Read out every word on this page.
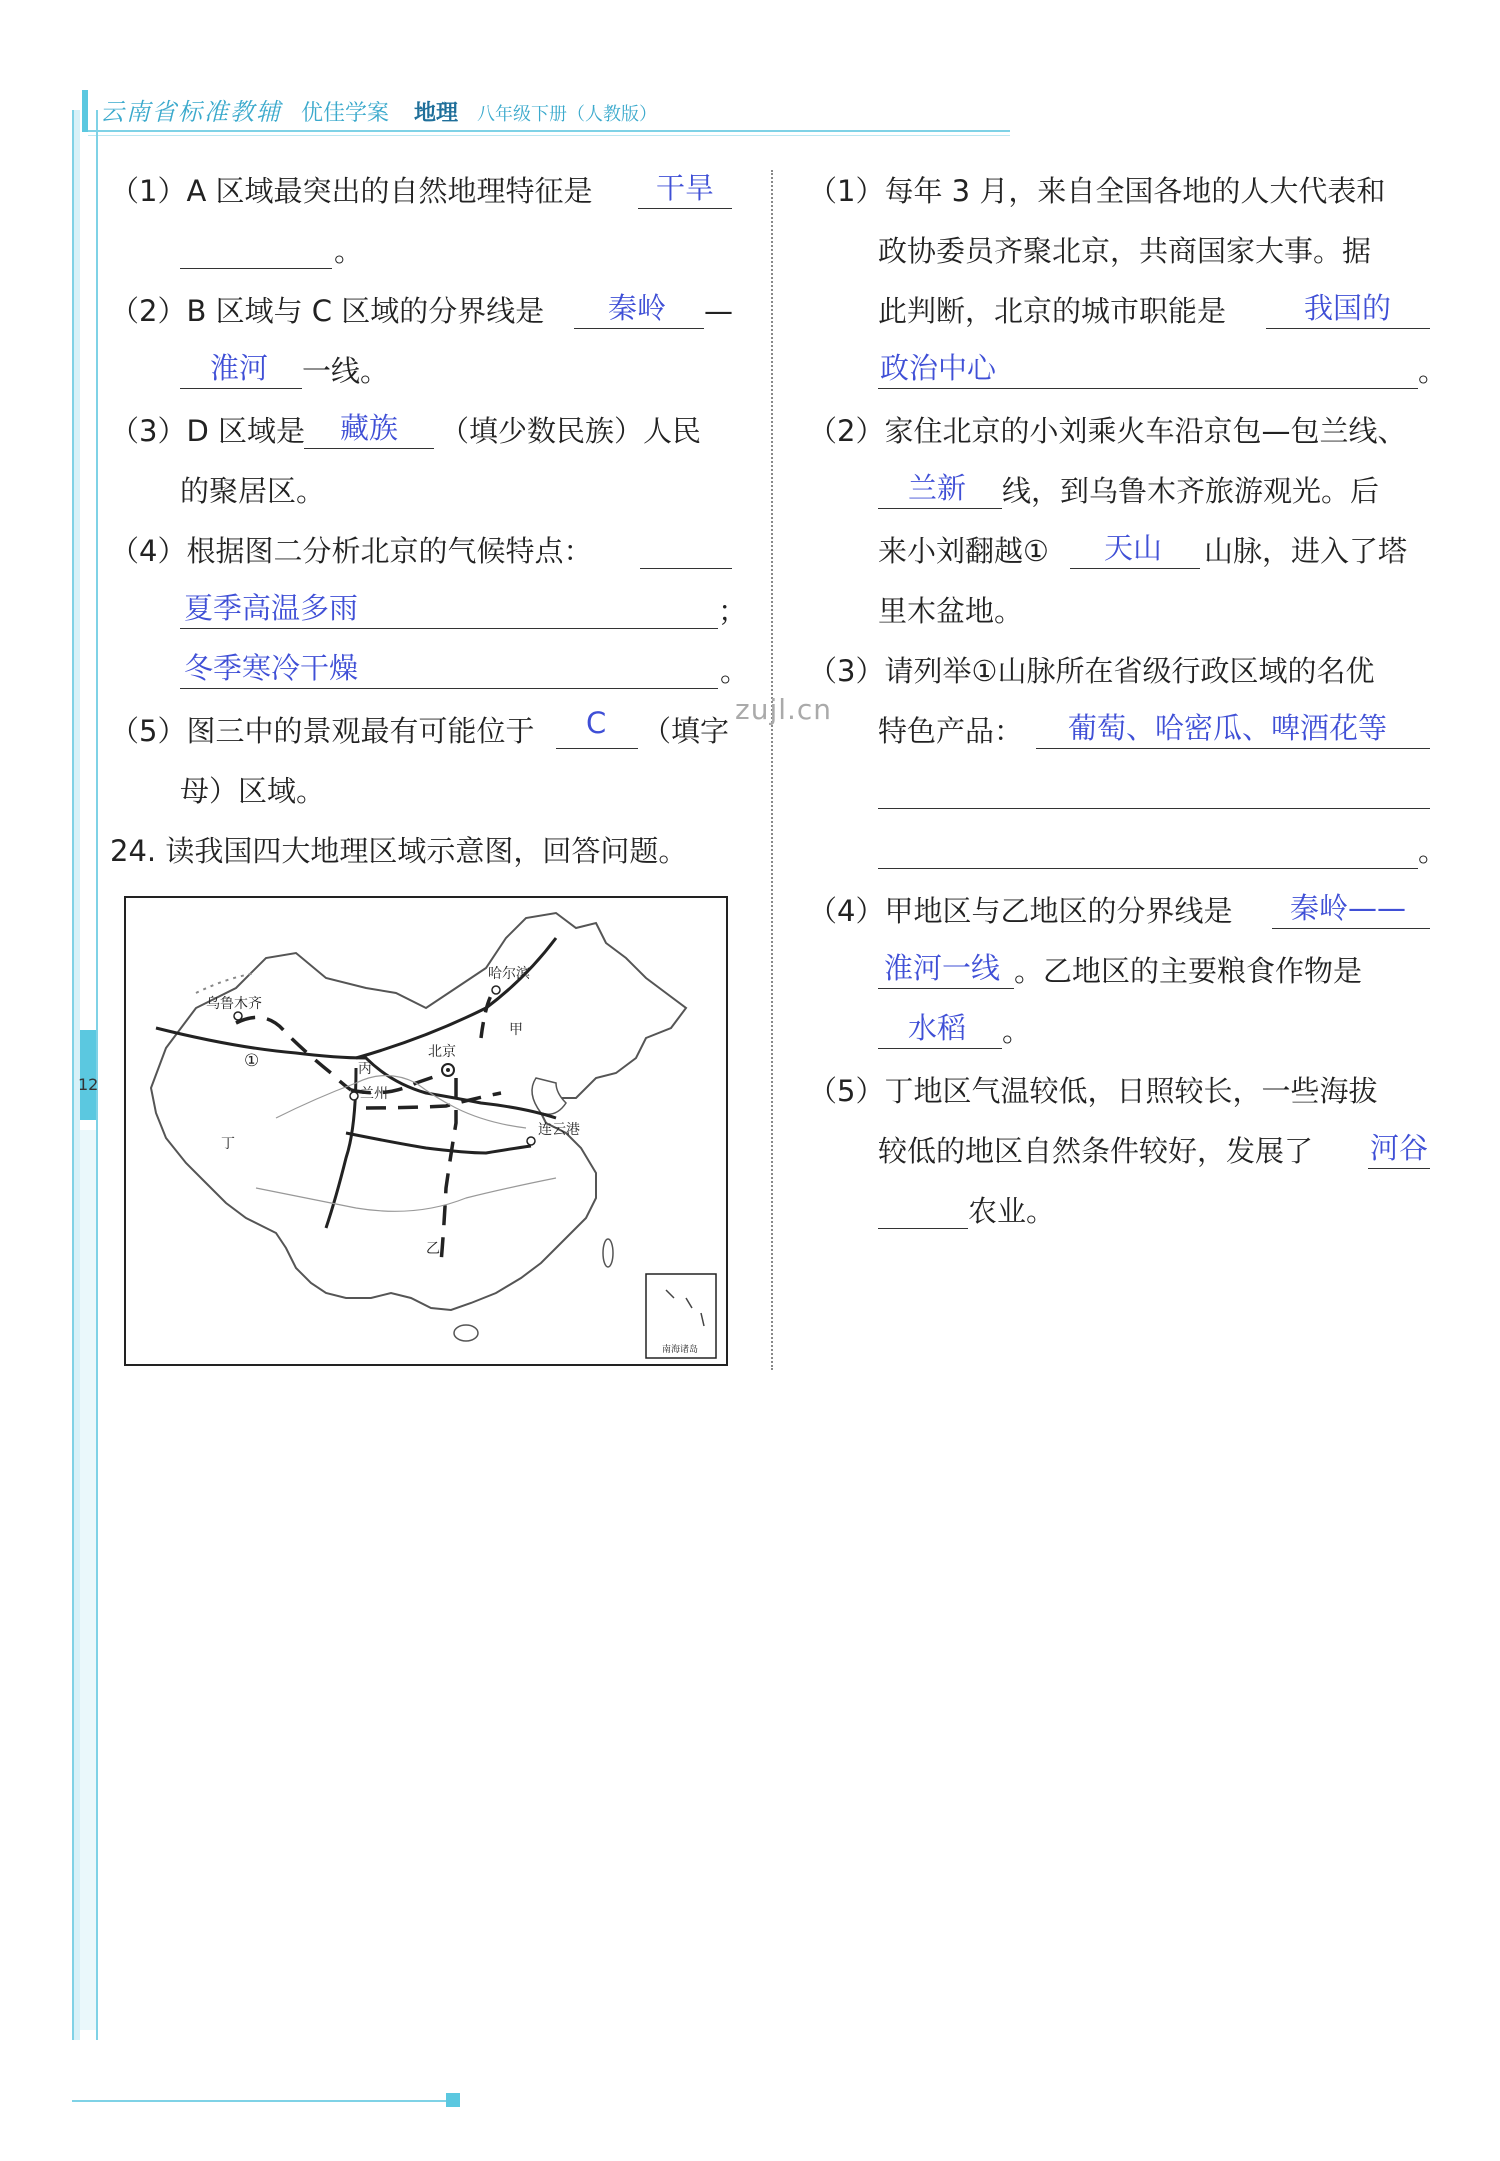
云南省标准教辅 优佳学案 地理 八年级下册（人教版）
12
（1）A 区域最突出的自然地理特征是 干旱
。
（2）B 区域与 C 区域的分界线是 秦岭 —
淮河 一线。
（3）D 区域是 藏族 （填少数民族）人民
的聚居区。
（4）根据图二分析北京的气候特点：
夏季高温多雨	；
冬季寒冷干燥	。
（5）图三中的景观最有可能位于 C （填字
母）区域。
24. 读我国四大地理区域示意图，回答问题。
乌鲁木齐
哈尔滨
北京
兰州
连云港
甲
乙
丙
丁
①
南海诸岛
zujl.cn
（1）每年 3 月，来自全国各地的人大代表和
政协委员齐聚北京，共商国家大事。据
此判断，北京的城市职能是	我国的
政治中心	。
（2）家住北京的小刘乘火车沿京包—包兰线、
兰新 线，到乌鲁木齐旅游观光。后
来小刘翻越① 天山 山脉，进入了塔
里木盆地。
（3）请列举①山脉所在省级行政区域的名优
特色产品： 葡萄、哈密瓜、啤酒花等
。
（4）甲地区与乙地区的分界线是 秦岭——
淮河一线 。乙地区的主要粮食作物是
水稻 。
（5）丁地区气温较低，日照较长，一些海拔
较低的地区自然条件较好，发展了 河谷
农业。
